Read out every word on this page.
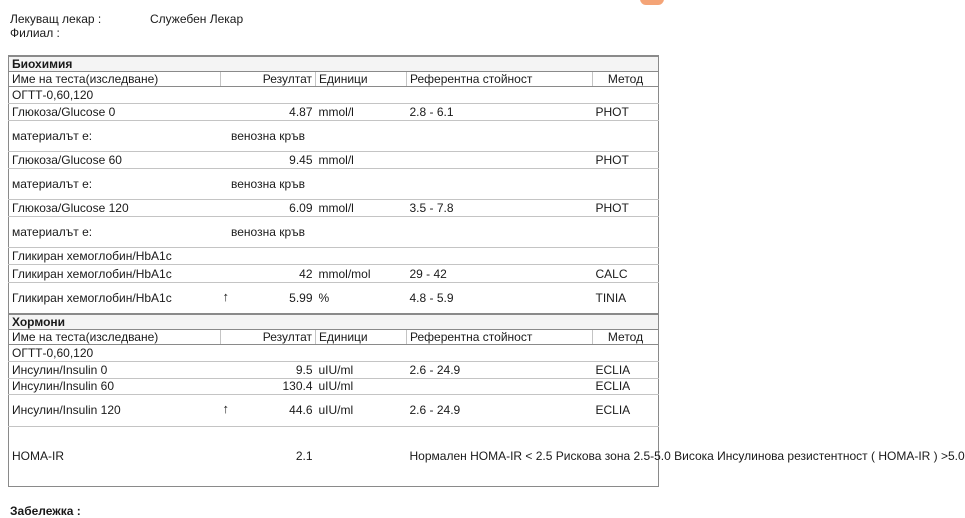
Лекуващ лекар :	Служебен Лекар
Филиал :
Биохимия				
Име на теста(изследване)	Резултат	Единици	Референтна стойност	Метод
ОГТТ-0,60,120				
Глюкоза/Glucose 0	4.87	mmol/l	2.8 - 6.1	PHOT
материалът е:	венозна кръв			
Глюкоза/Glucose 60	9.45	mmol/l		PHOT
материалът е:	венозна кръв			
Глюкоза/Glucose 120	6.09	mmol/l	3.5 - 7.8	PHOT
материалът е:	венозна кръв			
Гликиран хемоглобин/HbA1c				
Гликиран хемоглобин/HbA1c	42	mmol/mol	29 - 42	CALC
Гликиран хемоглобин/HbA1c	↑ 5.99	%	4.8 - 5.9	TINIA
Хормони				
Име на теста(изследване)	Резултат	Единици	Референтна стойност	Метод
ОГТТ-0,60,120				
Инсулин/Insulin 0	9.5	uIU/ml	2.6 - 24.9	ECLIA
Инсулин/Insulin 60	130.4	uIU/ml		ECLIA
Инсулин/Insulin 120	↑ 44.6	uIU/ml	2.6 - 24.9	ECLIA
HOMA-IR	2.1		Нормален HOMA-IR < 2.5 Рискова зона 2.5-5.0 Висока Инсулинова резистентност ( HOMA-IR ) >5.0	
Забележка :
